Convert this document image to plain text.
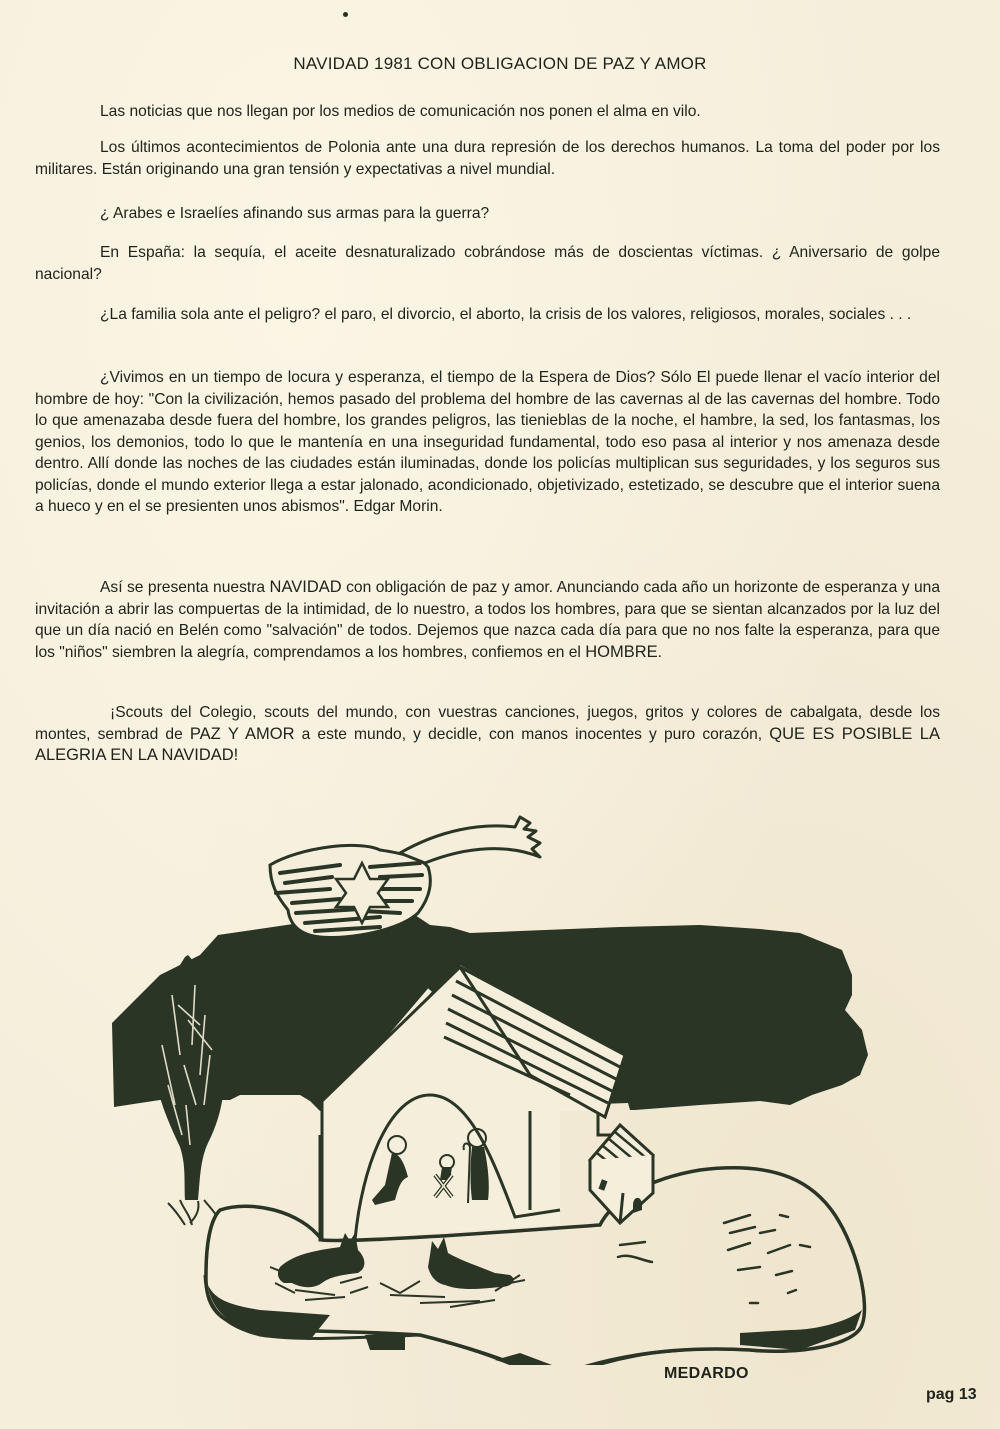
NAVIDAD 1981 CON OBLIGACION DE PAZ Y AMOR

Las noticias que nos llegan por los medios de comunicación nos ponen el alma en vilo.

Los últimos acontecimientos de Polonia ante una dura represión de los derechos humanos. La toma del poder por los militares. Están originando una gran tensión y expectativas a nivel mundial.

¿ Arabes e Israelíes afinando sus armas para la guerra?

En España: la sequía, el aceite desnaturalizado cobrándose más de doscientas víctimas. ¿ Aniversario de golpe nacional?

¿La familia sola ante el peligro? el paro, el divorcio, el aborto, la crisis de los valores, religiosos, morales, sociales . . .

¿Vivimos en un tiempo de locura y esperanza, el tiempo de la Espera de Dios? Sólo El puede llenar el vacío interior del hombre de hoy: "Con la civilización, hemos pasado del problema del hombre de las cavernas al de las cavernas del hombre. Todo lo que amenazaba desde fuera del hombre, los grandes peligros, las tienieblas de la noche, el hambre, la sed, los fantasmas, los genios, los demonios, todo lo que le mantenía en una inseguridad fundamental, todo eso pasa al interior y nos amenaza desde dentro. Allí donde las noches de las ciudades están iluminadas, donde los policías multiplican sus seguridades, y los seguros sus policías, donde el mundo exterior llega a estar jalonado, acondicionado, objetivizado, estetizado, se descubre que el interior suena a hueco y en el se presienten unos abismos". Edgar Morin.

Así se presenta nuestra NAVIDAD con obligación de paz y amor. Anunciando cada año un horizonte de esperanza y una invitación a abrir las compuertas de la intimidad, de lo nuestro, a todos los hombres, para que se sientan alcanzados por la luz del que un día nació en Belén como "salvación" de todos. Dejemos que nazca cada día para que no nos falte la esperanza, para que los "niños" siembren la alegría, comprendamos a los hombres, confiemos en el HOMBRE.

¡Scouts del Colegio, scouts del mundo, con vuestras canciones, juegos, gritos y colores de cabalgata, desde los montes, sembrad de PAZ Y AMOR a este mundo, y decidle, con manos inocentes y puro corazón, QUE ES POSIBLE LA ALEGRIA EN LA NAVIDAD!

MEDARDO
pag 13
